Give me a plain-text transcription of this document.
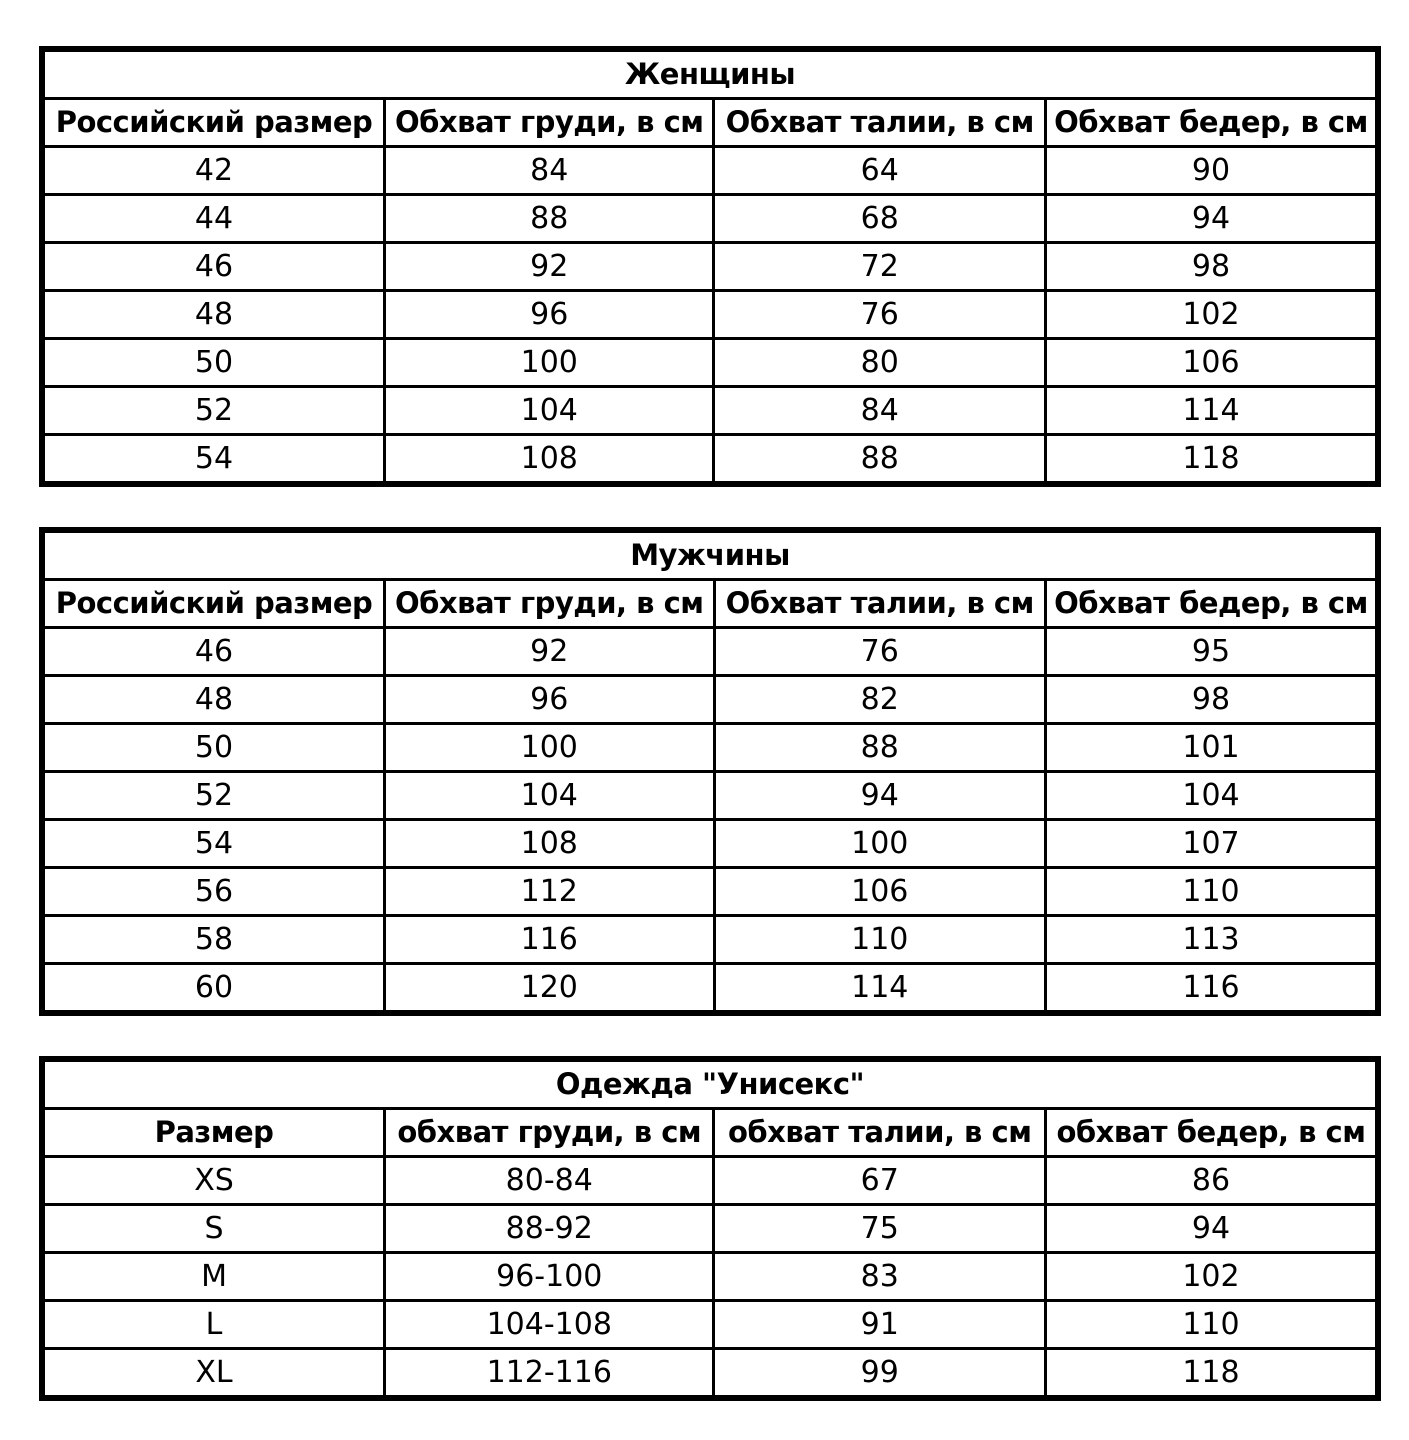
Женщины			
Российский размер	Обхват груди, в см	Обхват талии, в см	Обхват бедер, в см
42	84	64	90
44	88	68	94
46	92	72	98
48	96	76	102
50	100	80	106
52	104	84	114
54	108	88	118
Мужчины			
Российский размер	Обхват груди, в см	Обхват талии, в см	Обхват бедер, в см
46	92	76	95
48	96	82	98
50	100	88	101
52	104	94	104
54	108	100	107
56	112	106	110
58	116	110	113
60	120	114	116
Одежда "Унисекс"			
Размер	обхват груди, в см	обхват талии, в см	обхват бедер, в см
XS	80-84	67	86
S	88-92	75	94
M	96-100	83	102
L	104-108	91	110
XL	112-116	99	118
